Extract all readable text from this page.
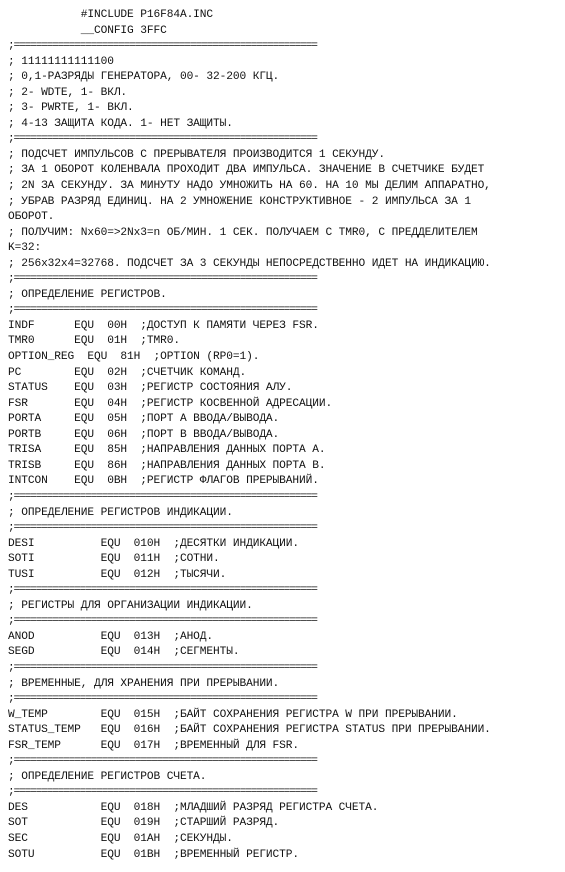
#INCLUDE P16F84A.INC
__CONFIG 3FFC
;=======================================================
; 11111111111100
; 0,1-РАЗРЯДЫ ГЕНЕРАТОРА, 00- 32-200 КГЦ.
; 2- WDTE, 1- ВКЛ.
; 3- PWRTE, 1- ВКЛ.
; 4-13 ЗАЩИТА КОДА. 1- НЕТ ЗАЩИТЫ.
;=======================================================
; ПОДСЧЕТ ИМПУЛЬСОВ С ПРЕРЫВАТЕЛЯ ПРОИЗВОДИТСЯ 1 СЕКУНДУ.
; ЗА 1 ОБОРОТ КОЛЕНВАЛА ПРОХОДИТ ДВА ИМПУЛЬСА. ЗНАЧЕНИЕ В СЧЕТЧИКЕ БУДЕТ
; 2N ЗА СЕКУНДУ. ЗА МИНУТУ НАДО УМНОЖИТЬ НА 60. НА 10 МЫ ДЕЛИМ АППАРАТНО,
; УБРАВ РАЗРЯД ЕДИНИЦ. НА 2 УМНОЖЕНИЕ КОНСТРУКТИВНОЕ - 2 ИМПУЛЬСА ЗА 1
ОБОРОТ.
; ПОЛУЧИМ: Nx60=>2Nx3=n ОБ/МИН. 1 СЕК. ПОЛУЧАЕМ С TMR0, С ПРЕДДЕЛИТЕЛЕМ
K=32:
; 256x32x4=32768. ПОДСЧЕТ ЗА 3 СЕКУНДЫ НЕПОСРЕДСТВЕННО ИДЕТ НА ИНДИКАЦИЮ.
;=======================================================
; ОПРЕДЕЛЕНИЕ РЕГИСТРОВ.
;=======================================================
INDF      EQU  00H  ;ДОСТУП К ПАМЯТИ ЧЕРЕЗ FSR.
TMR0      EQU  01H  ;TMR0.
OPTION_REG  EQU  81H  ;OPTION (RP0=1).
PC        EQU  02H  ;СЧЕТЧИК КОМАНД.
STATUS    EQU  03H  ;РЕГИСТР СОСТОЯНИЯ АЛУ.
FSR       EQU  04H  ;РЕГИСТР КОСВЕННОЙ АДРЕСАЦИИ.
PORTA     EQU  05H  ;ПОРТ А ВВОДА/ВЫВОДА.
PORTB     EQU  06H  ;ПОРТ В ВВОДА/ВЫВОДА.
TRISA     EQU  85H  ;НАПРАВЛЕНИЯ ДАННЫХ ПОРТА А.
TRISB     EQU  86H  ;НАПРАВЛЕНИЯ ДАННЫХ ПОРТА В.
INTCON    EQU  0BH  ;РЕГИСТР ФЛАГОВ ПРЕРЫВАНИЙ.
;=======================================================
; ОПРЕДЕЛЕНИЕ РЕГИСТРОВ ИНДИКАЦИИ.
;=======================================================
DESI          EQU  010H  ;ДЕСЯТКИ ИНДИКАЦИИ.
SOTI          EQU  011H  ;СОТНИ.
TUSI          EQU  012H  ;ТЫСЯЧИ.
;=======================================================
; РЕГИСТРЫ ДЛЯ ОРГАНИЗАЦИИ ИНДИКАЦИИ.
;=======================================================
ANOD          EQU  013H  ;АНОД.
SEGD          EQU  014H  ;СЕГМЕНТЫ.
;=======================================================
; ВРЕМЕННЫЕ, ДЛЯ ХРАНЕНИЯ ПРИ ПРЕРЫВАНИИ.
;=======================================================
W_TEMP        EQU  015H  ;БАЙТ СОХРАНЕНИЯ РЕГИСТРА W ПРИ ПРЕРЫВАНИИ.
STATUS_TEMP   EQU  016H  ;БАЙТ СОХРАНЕНИЯ РЕГИСТРА STATUS ПРИ ПРЕРЫВАНИИ.
FSR_TEMP      EQU  017H  ;ВРЕМЕННЫЙ ДЛЯ FSR.
;=======================================================
; ОПРЕДЕЛЕНИЕ РЕГИСТРОВ СЧЕТА.
;=======================================================
DES           EQU  018H  ;МЛАДШИЙ РАЗРЯД РЕГИСТРА СЧЕТА.
SOT           EQU  019H  ;СТАРШИЙ РАЗРЯД.
SEC           EQU  01AH  ;СЕКУНДЫ.
SOTU          EQU  01BH  ;ВРЕМЕННЫЙ РЕГИСТР.
